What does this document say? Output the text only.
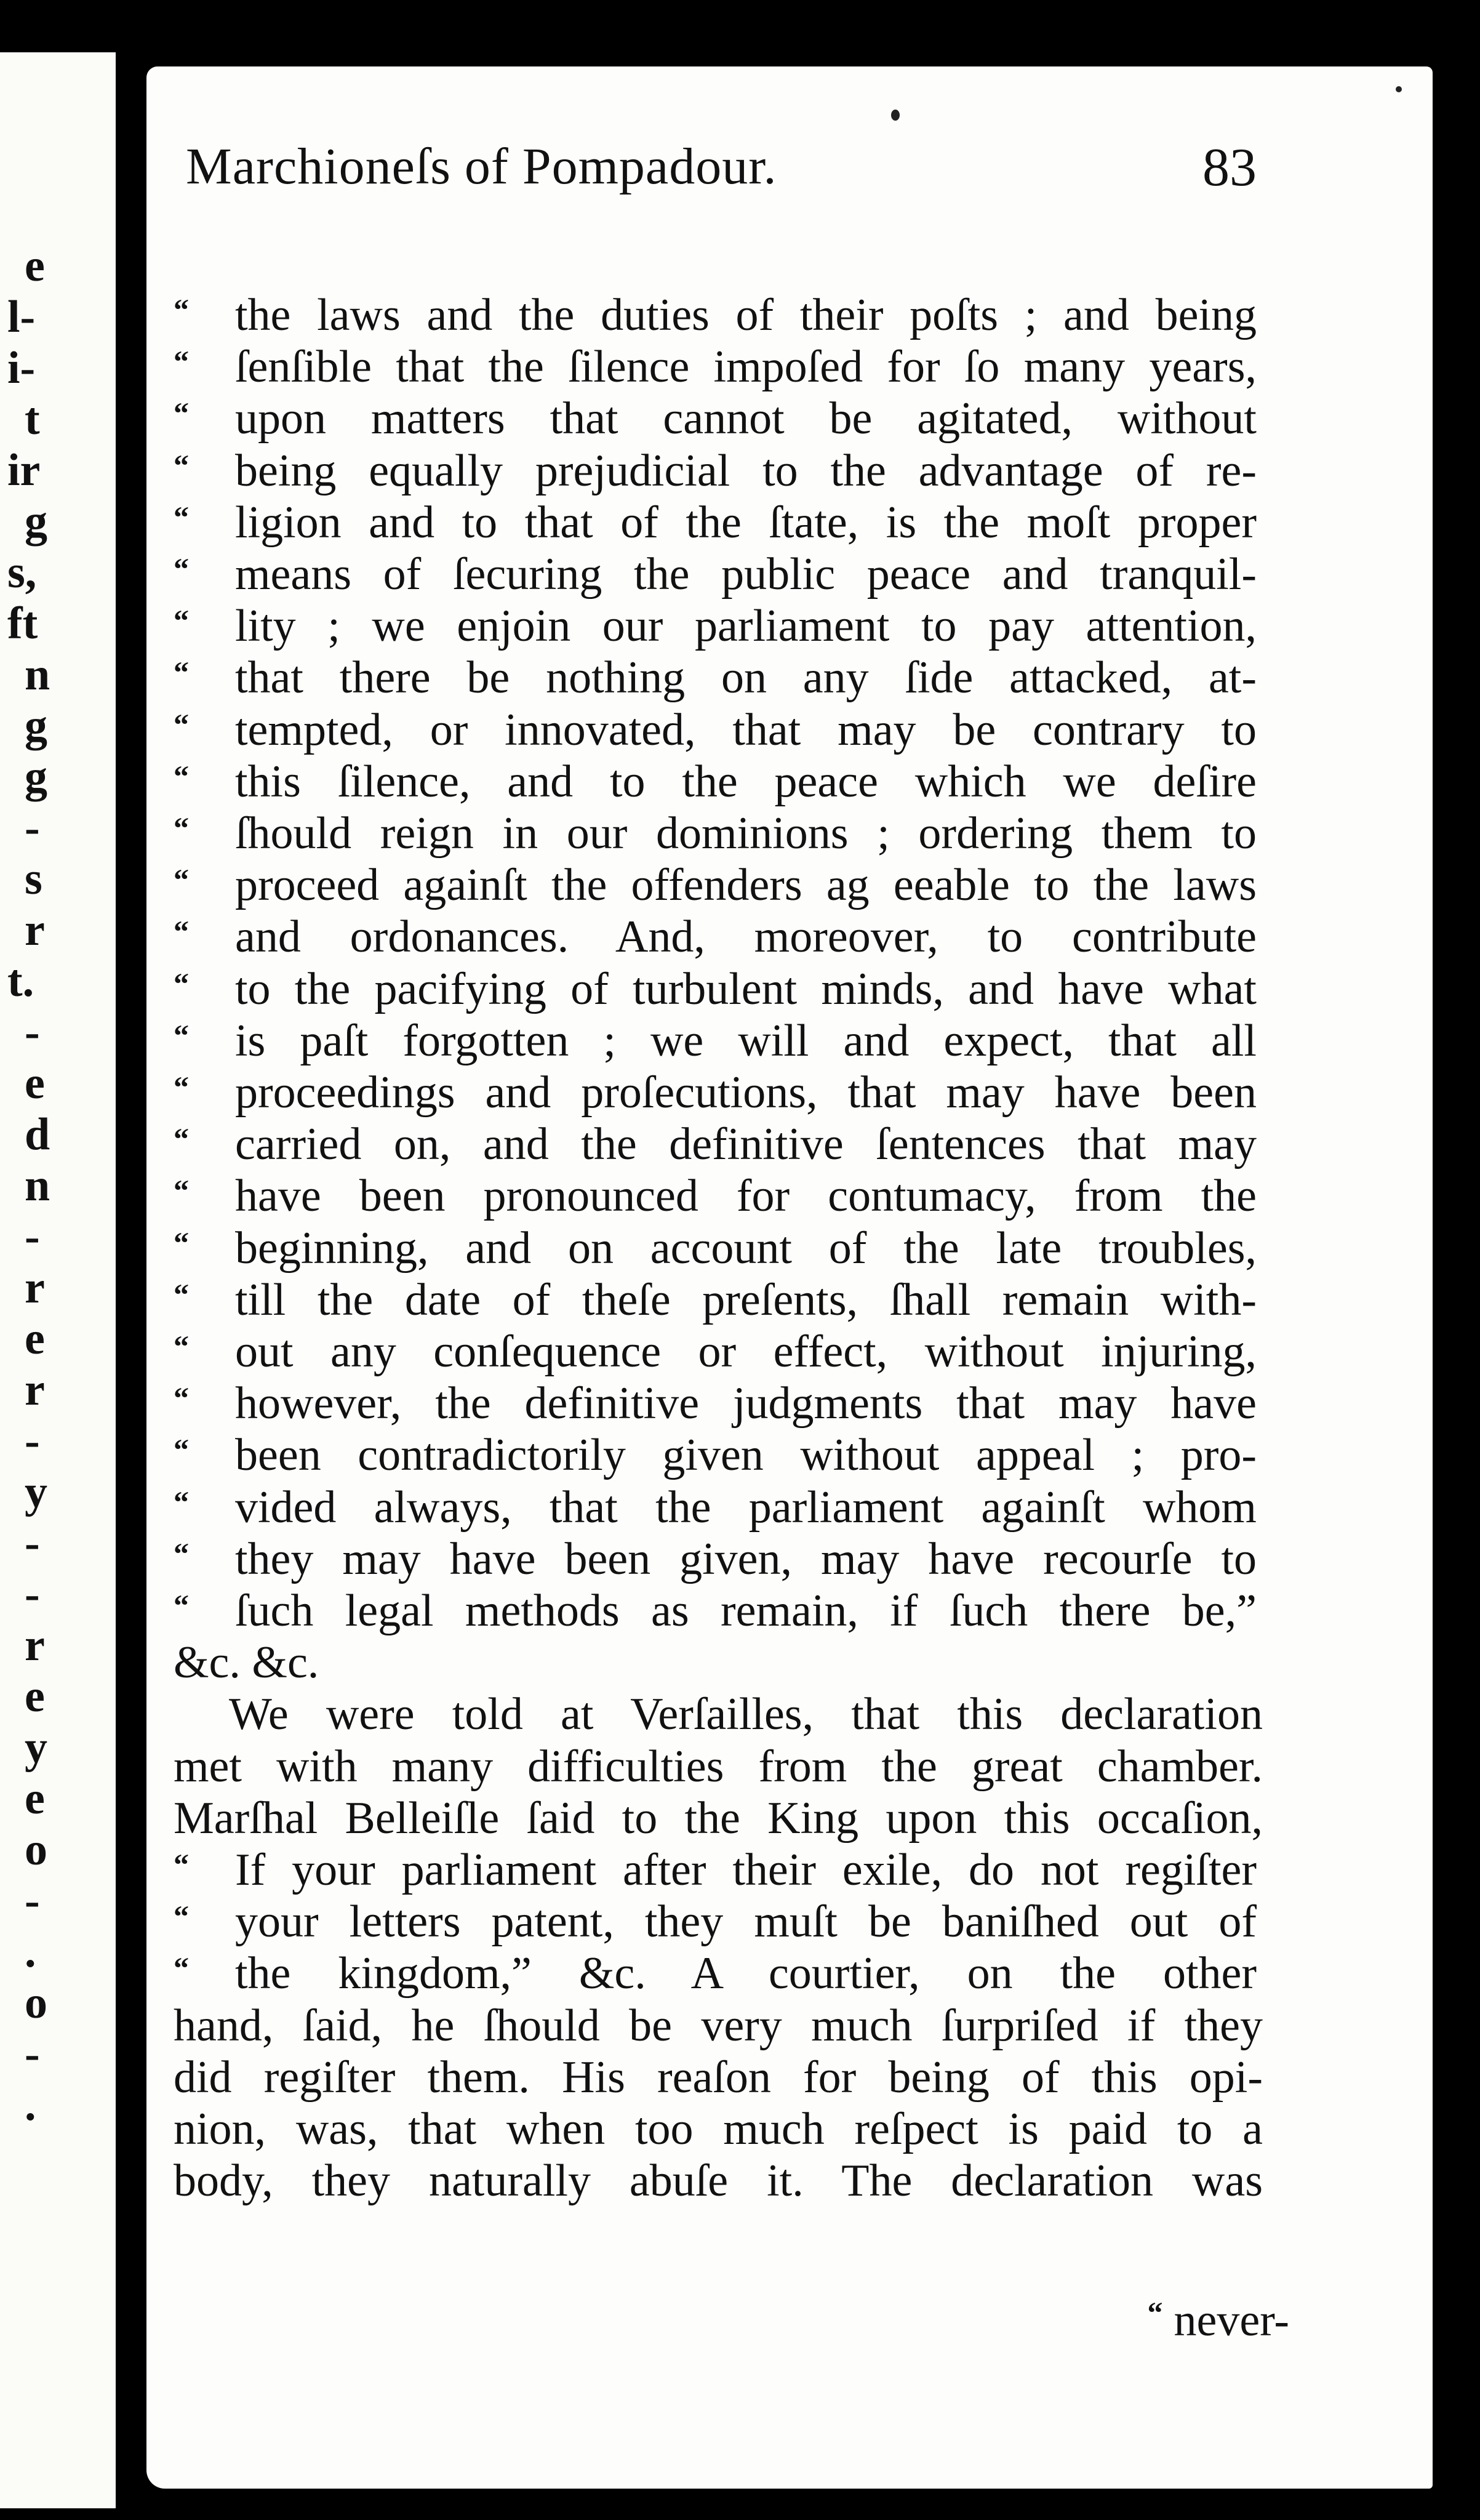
e
l-
i-
t
ir
g
s,
ft
n
g
g
-
s
r
t.
-
e
d
n
-
r
e
r
-
y
-
-
r
e
y
e
o
-
.
o
-
.
Marchioneſs of Pompadour.	83
“ the laws and the duties of their poſts ; and being
“ ſenſible that the ſilence impoſed for ſo many years,
“ upon matters that cannot be agitated, without
“ being equally prejudicial to the advantage of re-
“ ligion and to that of the ſtate, is the moſt proper
“ means of ſecuring the public peace and tranquil-
“ lity ; we enjoin our parliament to pay attention,
“ that there be nothing on any ſide attacked, at-
“ tempted, or innovated, that may be contrary to
“ this ſilence, and to the peace which we deſire
“ ſhould reign in our dominions ; ordering them to
“ proceed againſt the offenders ag eeable to the laws
“ and ordonances. And, moreover, to contribute
“ to the pacifying of turbulent minds, and have what
“ is paſt forgotten ; we will and expect, that all
“ proceedings and proſecutions, that may have been
“ carried on, and the definitive ſentences that may
“ have been pronounced for contumacy, from the
“ beginning, and on account of the late troubles,
“ till the date of theſe preſents, ſhall remain with-
“ out any conſequence or effect, without injuring,
“ however, the definitive judgments that may have
“ been contradictorily given without appeal ; pro-
“ vided always, that the parliament againſt whom
“ they may have been given, may have recourſe to
“ ſuch legal methods as remain, if ſuch there be,”
&c. &c.
We were told at Verſailles, that this declaration
met with many difficulties from the great chamber.
Marſhal Belleiſle ſaid to the King upon this occaſion,
“ If your parliament after their exile, do not regiſter
“ your letters patent, they muſt be baniſhed out of
“ the kingdom,” &c. A courtier, on the other
hand, ſaid, he ſhould be very much ſurpriſed if they
did regiſter them. His reaſon for being of this opi-
nion, was, that when too much reſpect is paid to a
body, they naturally abuſe it. The declaration was
“ never-
